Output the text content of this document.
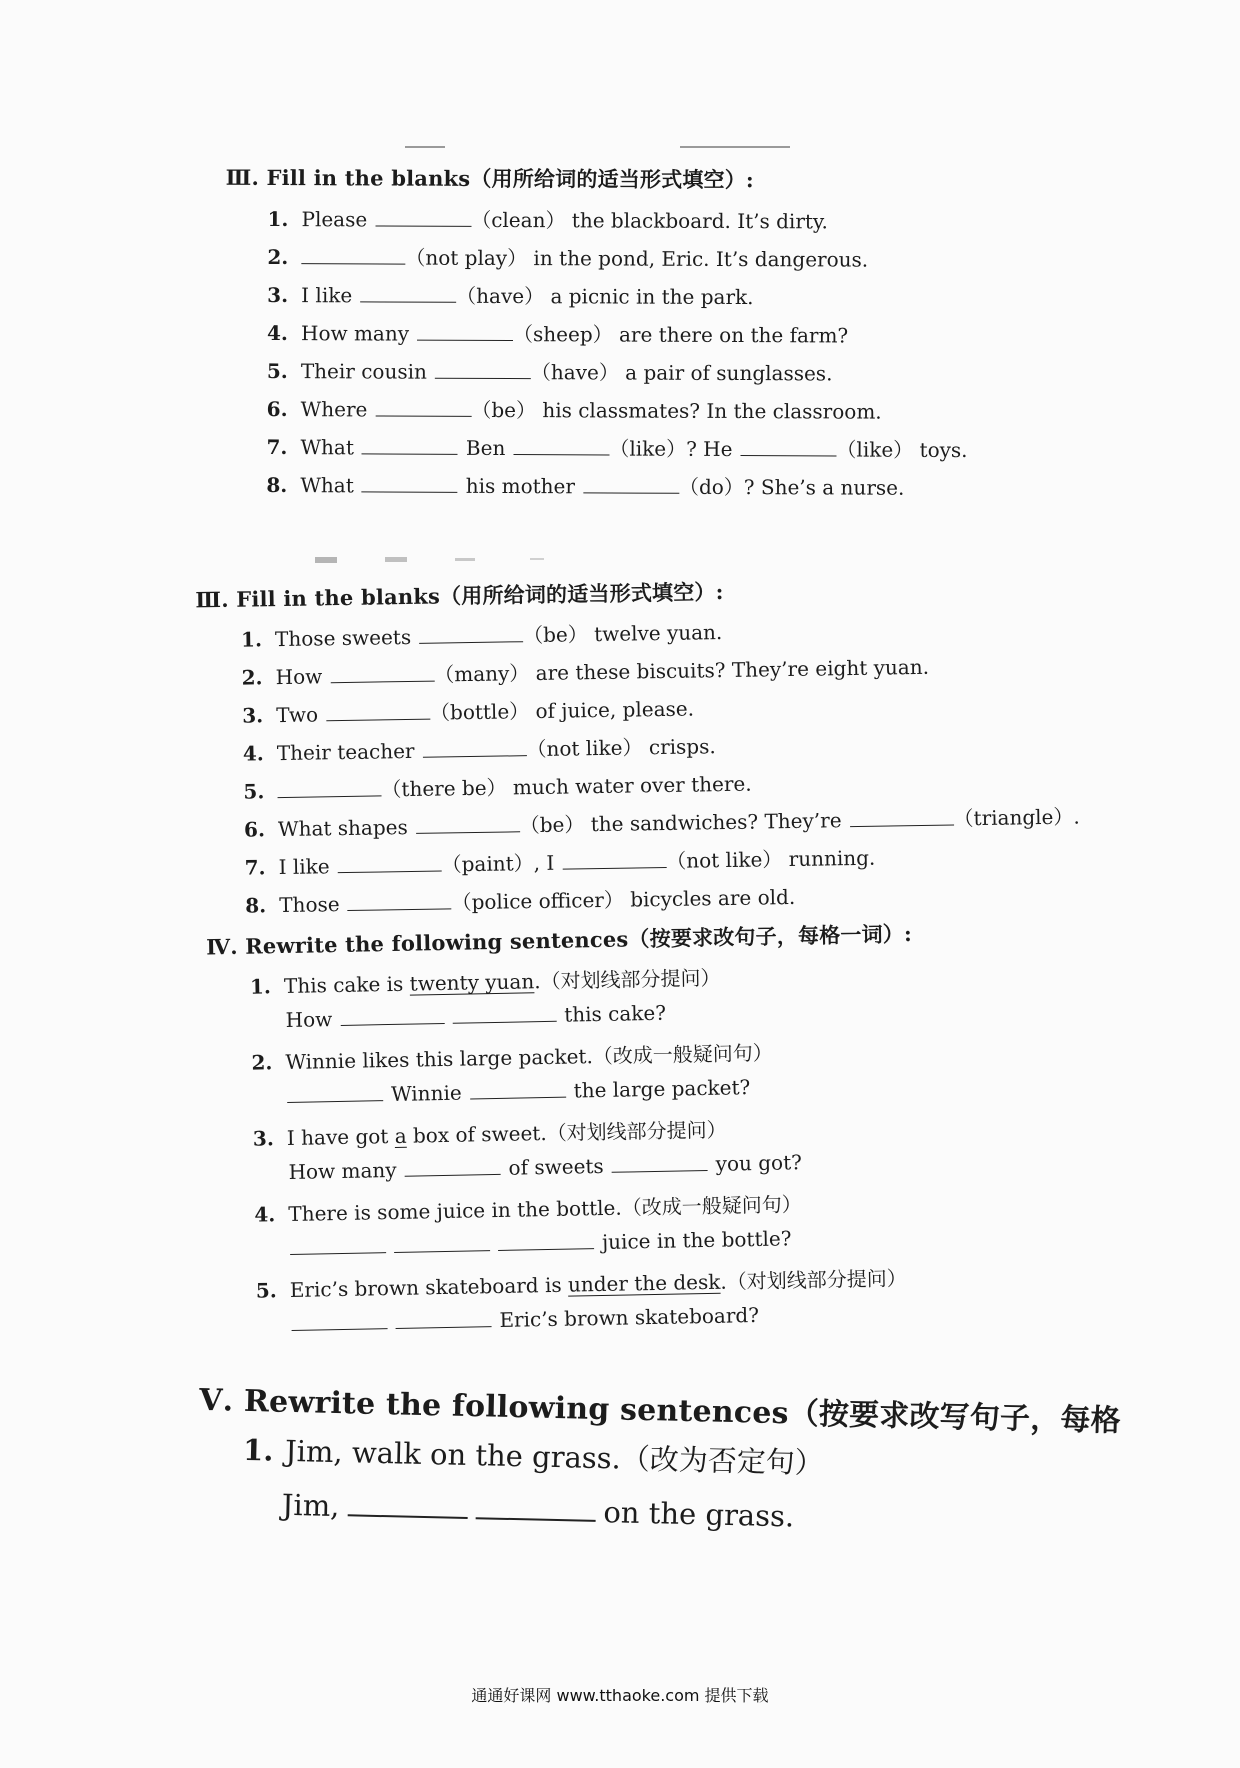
Ⅲ. Fill in the blanks（用所给词的适当形式填空）:
1. Please	（clean） the blackboard. It’s dirty.
2.	（not play） in the pond, Eric. It’s dangerous.
3. I like	（have） a picnic in the park.
4. How many	（sheep） are there on the farm?
5. Their cousin	（have） a pair of sunglasses.
6. Where	（be） his classmates? In the classroom.
7. What	Ben	（like）? He	（like） toys.
8. What	his mother	（do）? She’s a nurse.
Ⅲ. Fill in the blanks（用所给词的适当形式填空）:
1. Those sweets	（be） twelve yuan.
2. How	（many） are these biscuits? They’re eight yuan.
3. Two	（bottle） of juice, please.
4. Their teacher	（not like） crisps.
5.	（there be） much water over there.
6. What shapes	（be） the sandwiches? They’re	（triangle）.
7. I like	（paint）, I	（not like） running.
8. Those	（police officer） bicycles are old.
Ⅳ. Rewrite the following sentences（按要求改句子，每格一词）:
1. This cake is twenty yuan.（对划线部分提问）
How	this cake?
2. Winnie likes this large packet.（改成一般疑问句）
Winnie	the large packet?
3. I have got a box of sweet.（对划线部分提问）
How many	of sweets	you got?
4. There is some juice in the bottle.（改成一般疑问句）
juice in the bottle?
5. Eric’s brown skateboard is under the desk.（对划线部分提问）
Eric’s brown skateboard?
Ⅴ. Rewrite the following sentences（按要求改写句子，每格
1. Jim, walk on the grass.（改为否定句）
Jim,	on the grass.
通通好课网 www.tthaoke.com 提供下载
